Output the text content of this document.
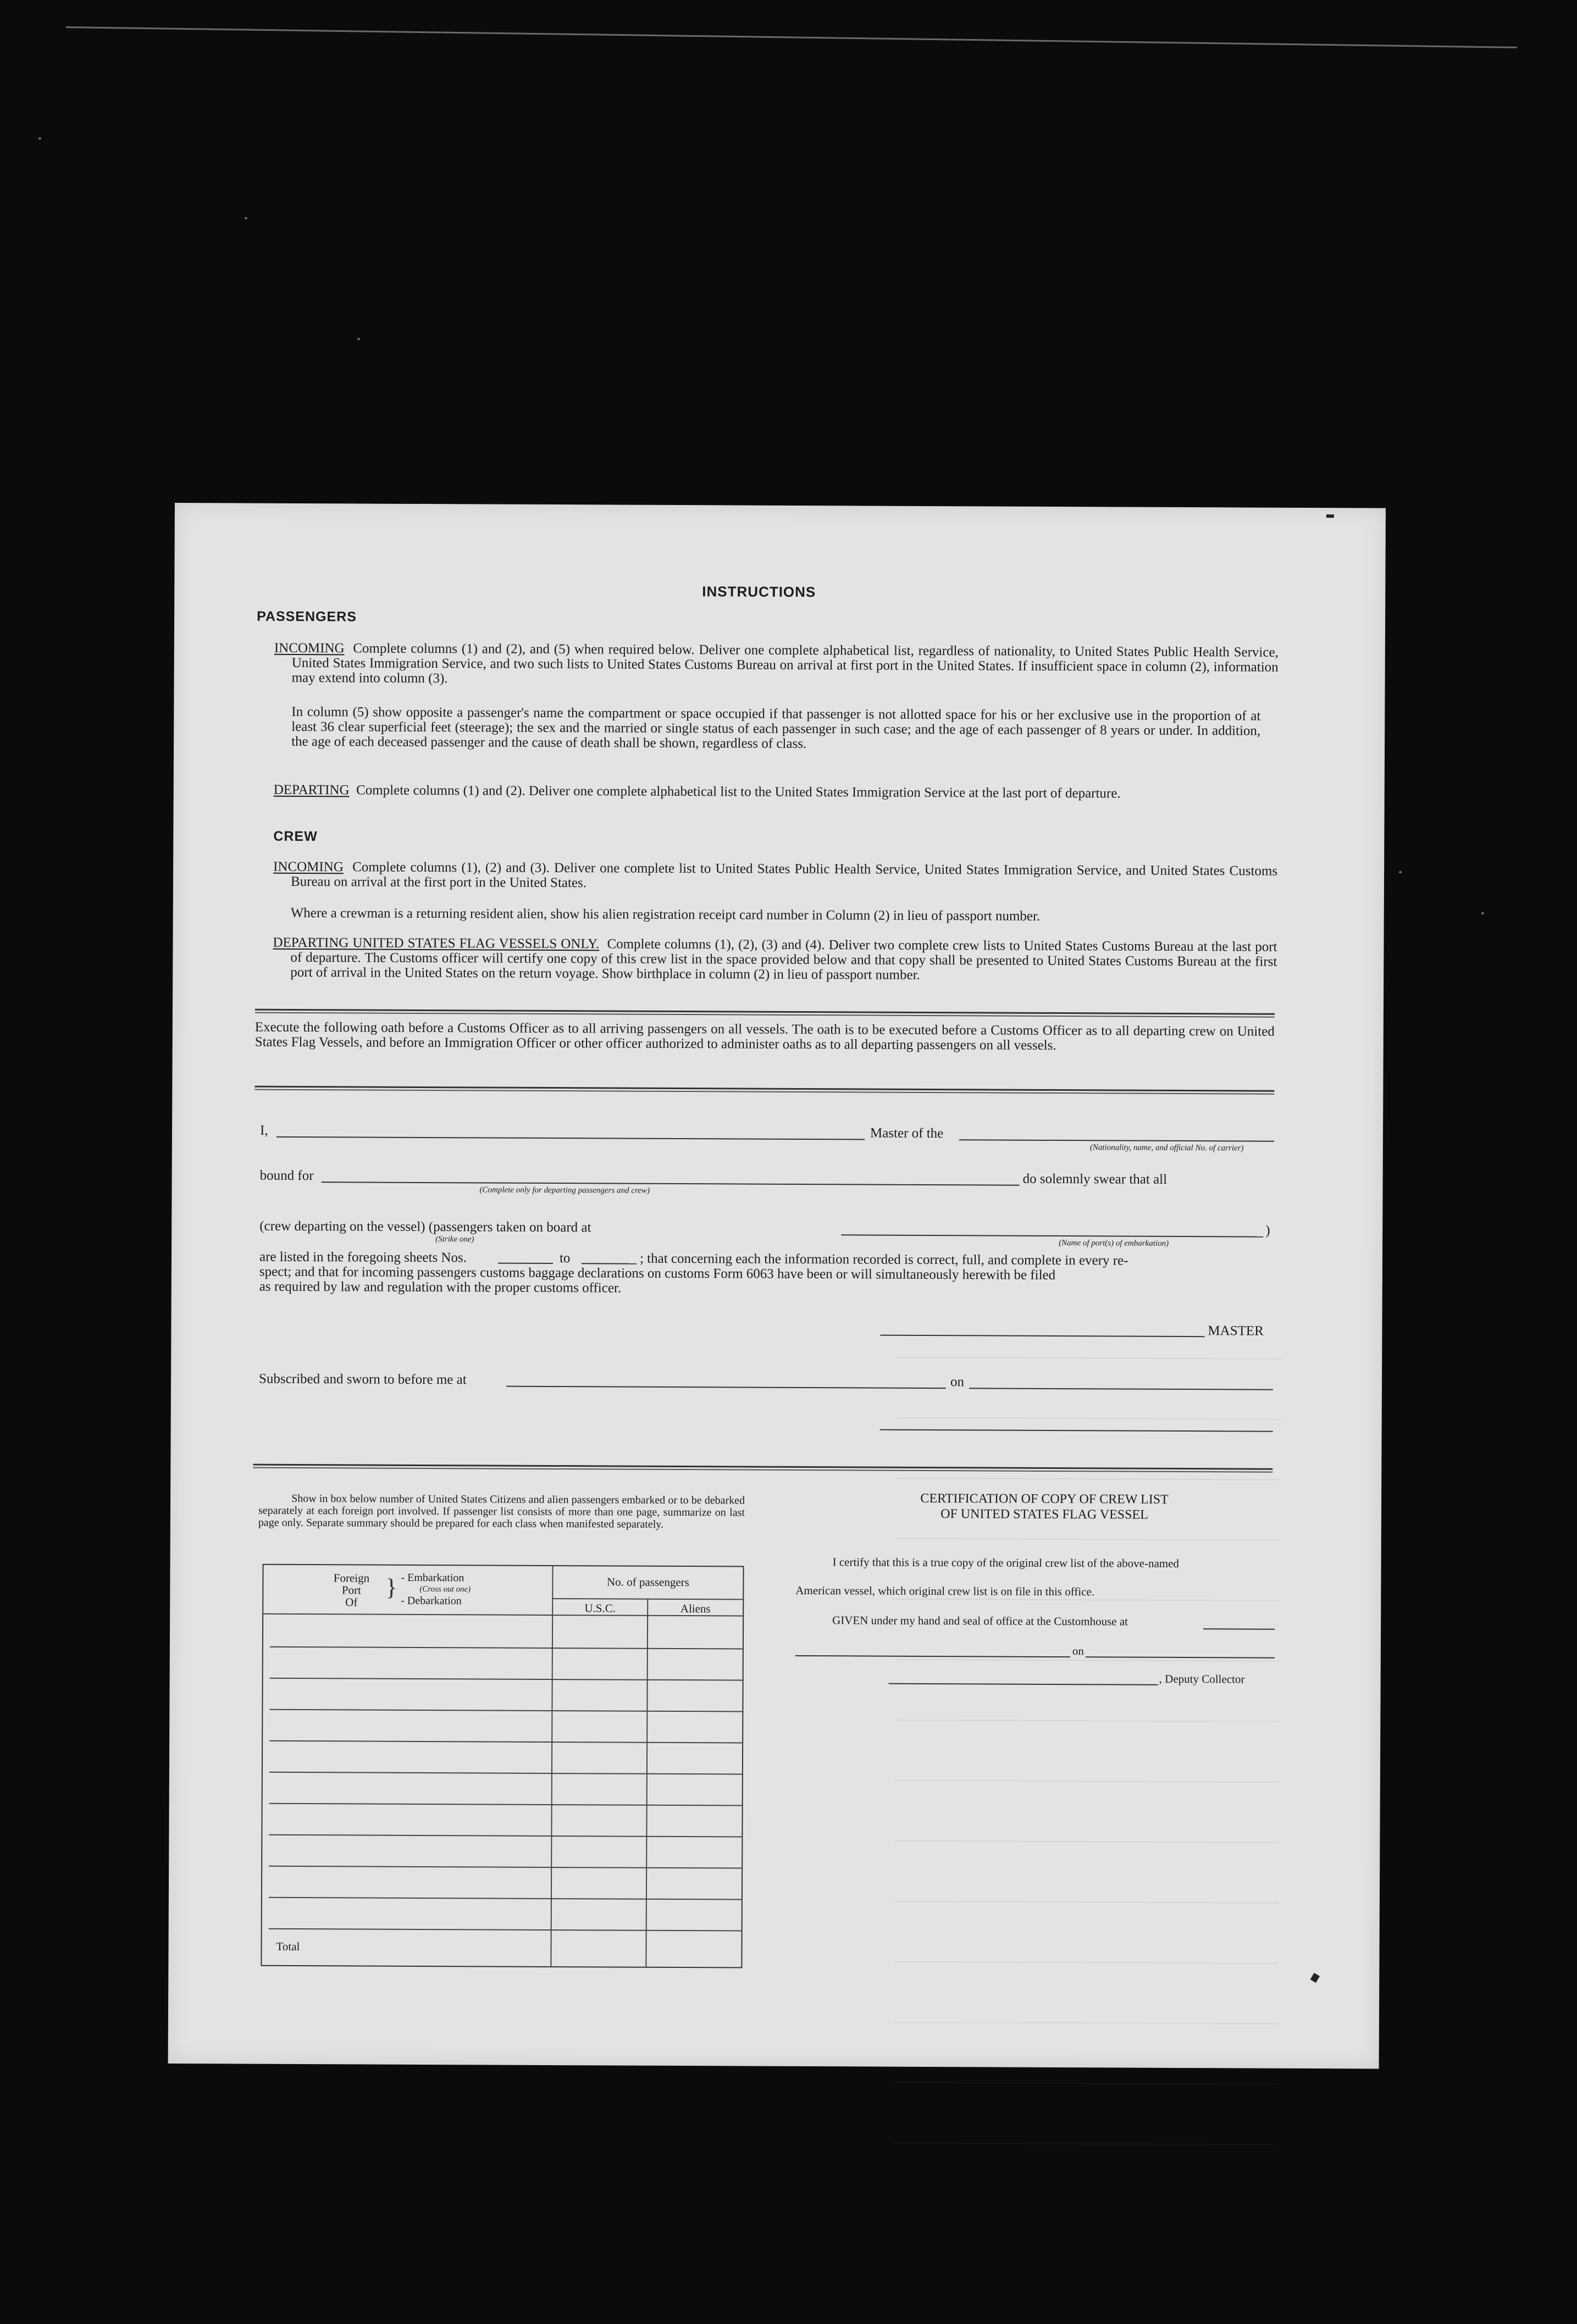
INSTRUCTIONS
PASSENGERS
INCOMING Complete columns (1) and (2), and (5) when required below. Deliver one complete alphabetical list, regardless of nationality, to United States Public Health Service, United States Immigration Service, and two such lists to United States Customs Bureau on arrival at first port in the United States. If insufficient space in column (2), information may extend into column (3).
In column (5) show opposite a passenger's name the compartment or space occupied if that passenger is not allotted space for his or her exclusive use in the proportion of at least 36 clear superficial feet (steerage); the sex and the married or single status of each passenger in such case; and the age of each passenger of 8 years or under. In addition, the age of each deceased passenger and the cause of death shall be shown, regardless of class.
DEPARTING Complete columns (1) and (2). Deliver one complete alphabetical list to the United States Immigration Service at the last port of departure.
CREW
INCOMING Complete columns (1), (2) and (3). Deliver one complete list to United States Public Health Service, United States Immigration Service, and United States Customs Bureau on arrival at the first port in the United States.
Where a crewman is a returning resident alien, show his alien registration receipt card number in Column (2) in lieu of passport number.
DEPARTING UNITED STATES FLAG VESSELS ONLY. Complete columns (1), (2), (3) and (4). Deliver two complete crew lists to United States Customs Bureau at the last port of departure. The Customs officer will certify one copy of this crew list in the space provided below and that copy shall be presented to United States Customs Bureau at the first port of arrival in the United States on the return voyage. Show birthplace in column (2) in lieu of passport number.
Execute the following oath before a Customs Officer as to all arriving passengers on all vessels. The oath is to be executed before a Customs Officer as to all departing crew on United States Flag Vessels, and before an Immigration Officer or other officer authorized to administer oaths as to all departing passengers on all vessels.
I,	Master of the
(Nationality, name, and official No. of carrier)
bound for
(Complete only for departing passengers and crew)
do solemnly swear that all
(crew departing on the vessel) (passengers taken on board at
(Strike one)	(Name of port(s) of embarkation)
)
are listed in the foregoing sheets Nos.	to	; that concerning each the information recorded is correct, full, and complete in every re-
spect; and that for incoming passengers customs baggage declarations on customs Form 6063 have been or will simultaneously herewith be filed
as required by law and regulation with the proper customs officer.
MASTER
Subscribed and sworn to before me at	on
Show in box below number of United States Citizens and alien passengers embarked or to be debarked separately at each foreign port involved. If passenger list consists of more than one page, summarize on last page only. Separate summary should be prepared for each class when manifested separately.
Foreign
Port
Of
} - Embarkation
(Cross out one)
- Debarkation
No. of passengers
U.S.C.	Aliens
Total
CERTIFICATION OF COPY OF CREW LIST
OF UNITED STATES FLAG VESSEL
I certify that this is a true copy of the original crew list of the above-named
American vessel, which original crew list is on file in this office.
GIVEN under my hand and seal of office at the Customhouse at
on
, Deputy Collector
